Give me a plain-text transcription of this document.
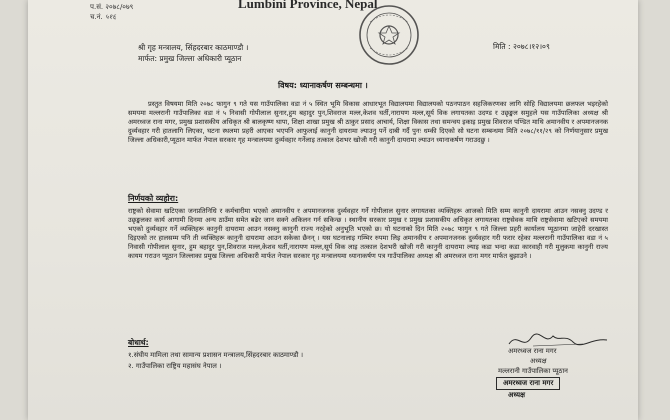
Lumbini Province, Nepal
प.सं. २०७८/०७९
च.नं. ५१६
श्री गृह मन्त्रालय, सिंहदरबार काठमाण्डौ ।
मार्फत: प्रमुख जिल्ला अधिकारी प्यूठान
मिति : २०७८।१२।०९
विषय: ध्यानाकर्षण सम्बन्धमा ।
प्रस्तुत विषयमा मिति २०७८ फागुन ९ गते यस गाउँपालिका वडा नं ५ स्थित भूमि विकास आधारभूत विद्यालयमा विद्यालयको पठनपाठन सहजिकरणका लागि सोहि विद्यालयमा छलफल भइरहेको समयमा मल्लरानी गाउँपालिका वडा नं ५ निवासी गोपीलाल सुनार,हुम बहादुर पुन,शिवराज मल्ल,केशव घर्ती,नारायण मल्ल,सूर्य विक लगायतका उदण्ड र उछृङ्खल समुहले यस गाउँपालिका अध्यक्ष श्री अमरध्वज राना मगर, प्रमुख प्रशासकीय अधिकृत श्री बालकृष्ण थापा, शिक्षा शाखा प्रमुख श्री ठाकुर प्रसाद आचार्य, शिक्षा विकास तथा समन्वय इकाइ प्रमुख शिवराज पण्डित माथि अमानवीय र अपमानजनक दुर्व्यवहार गरी हातलागि लिएका, घटना स्थलमा प्रहरी आएका भएपनि आफुलाई कानुनी दायरामा ल्याउनु पर्ने दाबी गर्दै पुनः धम्की दिएको सो घटना सम्बन्धमा मिति २०७८/११/२९ को निर्णयानुसार प्रमुख जिल्ला अधिकारी,प्यूठान मार्फत नेपाल सरकार गृह मन्त्रालयमा दुर्व्यवहार गर्नेलाइ तत्काल देशभर खोजी गरी कानुनी दायरामा ल्याउन ध्यानाकर्षण गराउदछु ।
निर्णयको व्यहोरा:
राष्ट्रको सेवामा खटिएका जनप्रतिनिधि र कर्मचारीमा भएको अमानवीय र अपमानजनक दुर्व्यवहार गर्ने गोपीलाल सुनार लगायतका व्यक्तिहरू आजको मिति सम्म कानुनी दायरामा आउन नसक्नु उदण्ड र उछृङ्खलका कार्य आगामी दिनमा अन्य ठाउँमा समेत बढेर जान सक्ने अकिलन गर्न सकिन्छ । स्थानीय सरकार प्रमुख र प्रमुख प्रशासकीय अधिकृत लगायतका राष्ट्रसेवक माथि राष्ट्रसेवामा खटिएको समयमा भएको दुर्व्यवहार गर्ने व्यक्तिहरू कानुनी दायरामा आउन नसक्नु कानुनी राज्य नरहेको अनुभूति भएको छ। यो घटनाको दिन मिति २०७८ फागुन ९ गते जिल्ला प्रहरी कार्यालय प्यूठानमा जाहेरी दरखास्त दिइएको तर हालसम्म पनि ती व्यक्तिहरू कानुनी दायरामा आउन सकेका छैनन् । यस घटनालाइ गम्भिर रुपमा लिइ अमानवीय र अपमानजनक दुर्व्यवहार गरी फरार रहेका मल्लरानी गाउँपालिका वडा नं ५ निवासी गोपीलाल सुनार, हुम बहादुर पुन,शिवराज मल्ल,केशव घर्ती,नारायण मल्ल,सूर्य विक लाइ तत्काल देशभरी खोजी गरी कानुनी दायरामा ल्याइ कडा भन्दा कडा कारवाही गरी मुलुकमा कानुनी राज्य कायम गराउन प्यूठान जिल्लाका प्रमुख जिल्ला अधिकारी मार्फत नेपाल सरकार गृह मन्त्रालयमा ध्यानाकर्षण पत्र गाउँपालिका अध्यक्ष श्री अमरध्वज राना मगर मार्फत बुझाउने ।
बोधार्थ:
१.संघीय मामिला तथा सामान्य प्रशासन मन्त्रालय,सिंहदरबार काठमाण्डौ ।
२. गाउँपालिका राष्ट्रिय महासंघ नेपाल ।
अमरध्वज राना मगर
अध्यक्ष
मल्लरानी गाउँपालिका प्यूठान
अमरध्वज राना मगर
अध्यक्ष
